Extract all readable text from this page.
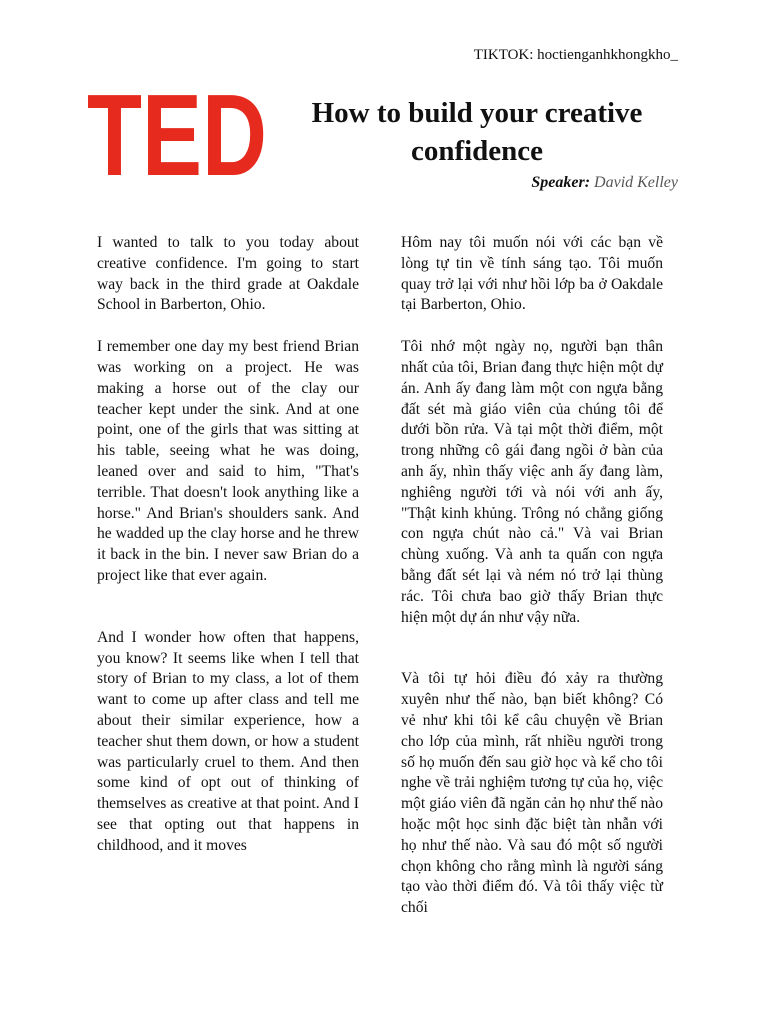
TIKTOK: hoctienganhkhongkho_
TED	How to build your creative confidence
Speaker: David Kelley

I wanted to talk to you today about creative confidence. I'm going to start way back in the third grade at Oakdale School in Barberton, Ohio.

I remember one day my best friend Brian was working on a project. He was making a horse out of the clay our teacher kept under the sink. And at one point, one of the girls that was sitting at his table, seeing what he was doing, leaned over and said to him, "That's terrible. That doesn't look anything like a horse." And Brian's shoulders sank. And he wadded up the clay horse and he threw it back in the bin. I never saw Brian do a project like that ever again.

And I wonder how often that happens, you know? It seems like when I tell that story of Brian to my class, a lot of them want to come up after class and tell me about their similar experience, how a teacher shut them down, or how a student was particularly cruel to them. And then some kind of opt out of thinking of themselves as creative at that point. And I see that opting out that happens in childhood, and it moves

Hôm nay tôi muốn nói với các bạn về lòng tự tin về tính sáng tạo. Tôi muốn quay trở lại với như hồi lớp ba ở Oakdale tại Barberton, Ohio.

Tôi nhớ một ngày nọ, người bạn thân nhất của tôi, Brian đang thực hiện một dự án. Anh ấy đang làm một con ngựa bằng đất sét mà giáo viên của chúng tôi để dưới bồn rửa. Và tại một thời điểm, một trong những cô gái đang ngồi ở bàn của anh ấy, nhìn thấy việc anh ấy đang làm, nghiêng người tới và nói với anh ấy, "Thật kinh khủng. Trông nó chẳng giống con ngựa chút nào cả." Và vai Brian chùng xuống. Và anh ta quấn con ngựa bằng đất sét lại và ném nó trở lại thùng rác. Tôi chưa bao giờ thấy Brian thực hiện một dự án như vậy nữa.

Và tôi tự hỏi điều đó xảy ra thường xuyên như thế nào, bạn biết không? Có vẻ như khi tôi kể câu chuyện về Brian cho lớp của mình, rất nhiều người trong số họ muốn đến sau giờ học và kể cho tôi nghe về trải nghiệm tương tự của họ, việc một giáo viên đã ngăn cản họ như thế nào hoặc một học sinh đặc biệt tàn nhẫn với họ như thế nào. Và sau đó một số người chọn không cho rằng mình là người sáng tạo vào thời điểm đó. Và tôi thấy việc từ chối
